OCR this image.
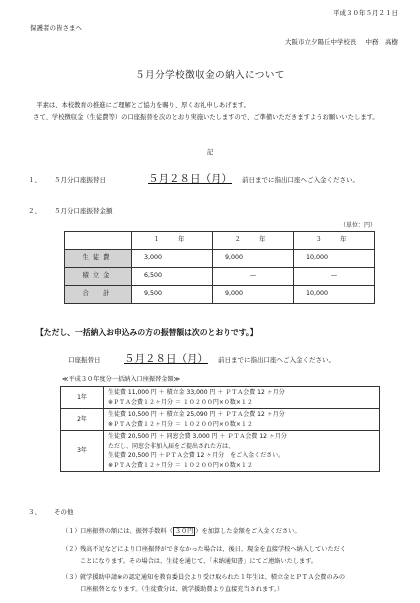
平成３０年５月２１日
保護者の皆さまへ
大阪市立夕陽丘中学校長 中務　高樹
５月分学校徴収金の納入について

平素は、本校教育の推進にご理解とご協力を賜り、厚くお礼申しあげます。

さて、学校徴収金（生徒費等）の口座振替を次のとおり実施いたしますので、ご準備いただきますようお願いいたします。

記
１、 ５月分口座振替日	５月２８日（月） 前日までに指出口座へご入金ください。
２、 ５月分口座振替金額
（単位：円）
	１　年	２　年	３　年
生徒費	3,000	9,000	10,000
積立金	6,500	—	—
合　計	9,500	9,000	10,000
【ただし、一括納入お申込みの方の振替額は次のとおりです。】
口座振替日 ５月２８日（月） 前日までに指出口座へご入金ください。
≪平成３０年度分一括納入口座振替金額≫
1年	生徒費 11,000 円 ＋ 積立金 33,000 円 ＋ ＰＴＡ会費 12 ヶ月分
※ＰＴＡ会費１２ヶ月分 ＝ １０２００円×０数×１２

2年	生徒費 10,500 円 ＋ 積立金 25,090 円 ＋ ＰＴＡ会費 12 ヶ月分
※ＰＴＡ会費１２ヶ月分 ＝ １０２００円×０数×１２

3年	生徒費 20,500 円 ＋ 同窓会費 3,000 円 ＋ ＰＴＡ会費 12 ヶ月分
ただし、同窓会非加入届をご提出された方は、
生徒費 20,500 円 ＋ＰＴＡ会費 12 ヶ月分　をご入金ください。
※ＰＴＡ会費１２ヶ月分 ＝ １０２００円×０数×１２
３、 その他
（１）口座振替の額には、振替手数料（ ３０円 ）を加算した金額をご入金ください。
（２）残高不足などにより口座振替ができなかった場合は、後日、現金を直接学校へ納入していただく
ことになります。その場合は、生徒を通じて、「未納通知書」にてご連絡いたします。
（３）就学援助申請※の認定通知を教育委員会より受け取られた１年生は、積立金とＰＴＡ会費のみの
口座振替となります。（生徒費分は、就学援助費より直接充当されます。）
